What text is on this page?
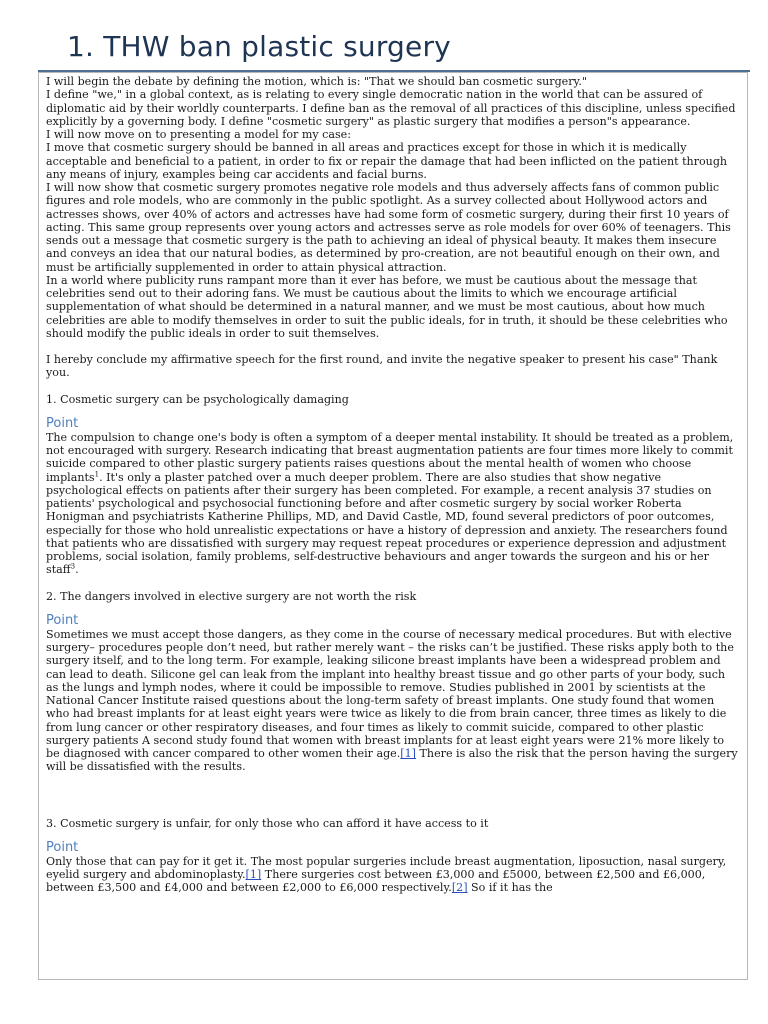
1. THW ban plastic surgery

I will begin the debate by defining the motion, which is: "That we should ban cosmetic surgery."

I define "we," in a global context, as is relating to every single democratic nation in the world that can be assured of diplomatic aid by their worldly counterparts. I define ban as the removal of all practices of this discipline, unless specified explicitly by a governing body. I define "cosmetic surgery" as plastic surgery that modifies a person"s appearance.

I will now move on to presenting a model for my case:

I move that cosmetic surgery should be banned in all areas and practices except for those in which it is medically acceptable and beneficial to a patient, in order to fix or repair the damage that had been inflicted on the patient through any means of injury, examples being car accidents and facial burns.

I will now show that cosmetic surgery promotes negative role models and thus adversely affects fans of common public figures and role models, who are commonly in the public spotlight. As a survey collected about Hollywood actors and actresses shows, over 40% of actors and actresses have had some form of cosmetic surgery, during their first 10 years of acting. This same group represents over young actors and actresses serve as role models for over 60% of teenagers. This sends out a message that cosmetic surgery is the path to achieving an ideal of physical beauty. It makes them insecure and conveys an idea that our natural bodies, as determined by pro-creation, are not beautiful enough on their own, and must be artificially supplemented in order to attain physical attraction.

In a world where publicity runs rampant more than it ever has before, we must be cautious about the message that celebrities send out to their adoring fans. We must be cautious about the limits to which we encourage artificial supplementation of what should be determined in a natural manner, and we must be most cautious, about how much celebrities are able to modify themselves in order to suit the public ideals, for in truth, it should be these celebrities who should modify the public ideals in order to suit themselves.

I hereby conclude my affirmative speech for the first round, and invite the negative speaker to present his case" Thank you.

1. Cosmetic surgery can be psychologically damaging

Point

The compulsion to change one's body is often a symptom of a deeper mental instability. It should be treated as a problem, not encouraged with surgery. Research indicating that breast augmentation patients are four times more likely to commit suicide compared to other plastic surgery patients raises questions about the mental health of women who choose implants$^1$. It's only a plaster patched over a much deeper problem. There are also studies that show negative psychological effects on patients after their surgery has been completed. For example, a recent analysis 37 studies on patients' psychological and psychosocial functioning before and after cosmetic surgery by social worker Roberta Honigman and psychiatrists Katherine Phillips, MD, and David Castle, MD, found several predictors of poor outcomes, especially for those who hold unrealistic expectations or have a history of depression and anxiety. The researchers found that patients who are dissatisfied with surgery may request repeat procedures or experience depression and adjustment problems, social isolation, family problems, self-destructive behaviours and anger towards the surgeon and his or her staff$^3$.

2. The dangers involved in elective surgery are not worth the risk

Point

Sometimes we must accept those dangers, as they come in the course of necessary medical procedures. But with elective surgery– procedures people don’t need, but rather merely want – the risks can’t be justified. These risks apply both to the surgery itself, and to the long term. For example, leaking silicone breast implants have been a widespread problem and can lead to death. Silicone gel can leak from the implant into healthy breast tissue and go other parts of your body, such as the lungs and lymph nodes, where it could be impossible to remove. Studies published in 2001 by scientists at the National Cancer Institute raised questions about the long-term safety of breast implants. One study found that women who had breast implants for at least eight years were twice as likely to die from brain cancer, three times as likely to die from lung cancer or other respiratory diseases, and four times as likely to commit suicide, compared to other plastic surgery patients A second study found that women with breast implants for at least eight years were 21% more likely to be diagnosed with cancer compared to other women their age.[1] There is also the risk that the person having the surgery will be dissatisfied with the results.

3. Cosmetic surgery is unfair, for only those who can afford it have access to it

Point

Only those that can pay for it get it. The most popular surgeries include breast augmentation, liposuction, nasal surgery, eyelid surgery and abdominoplasty.[1] There surgeries cost between £3,000 and £5000, between £2,500 and £6,000, between £3,500 and £4,000 and between £2,000 to £6,000 respectively.[2] So if it has the
